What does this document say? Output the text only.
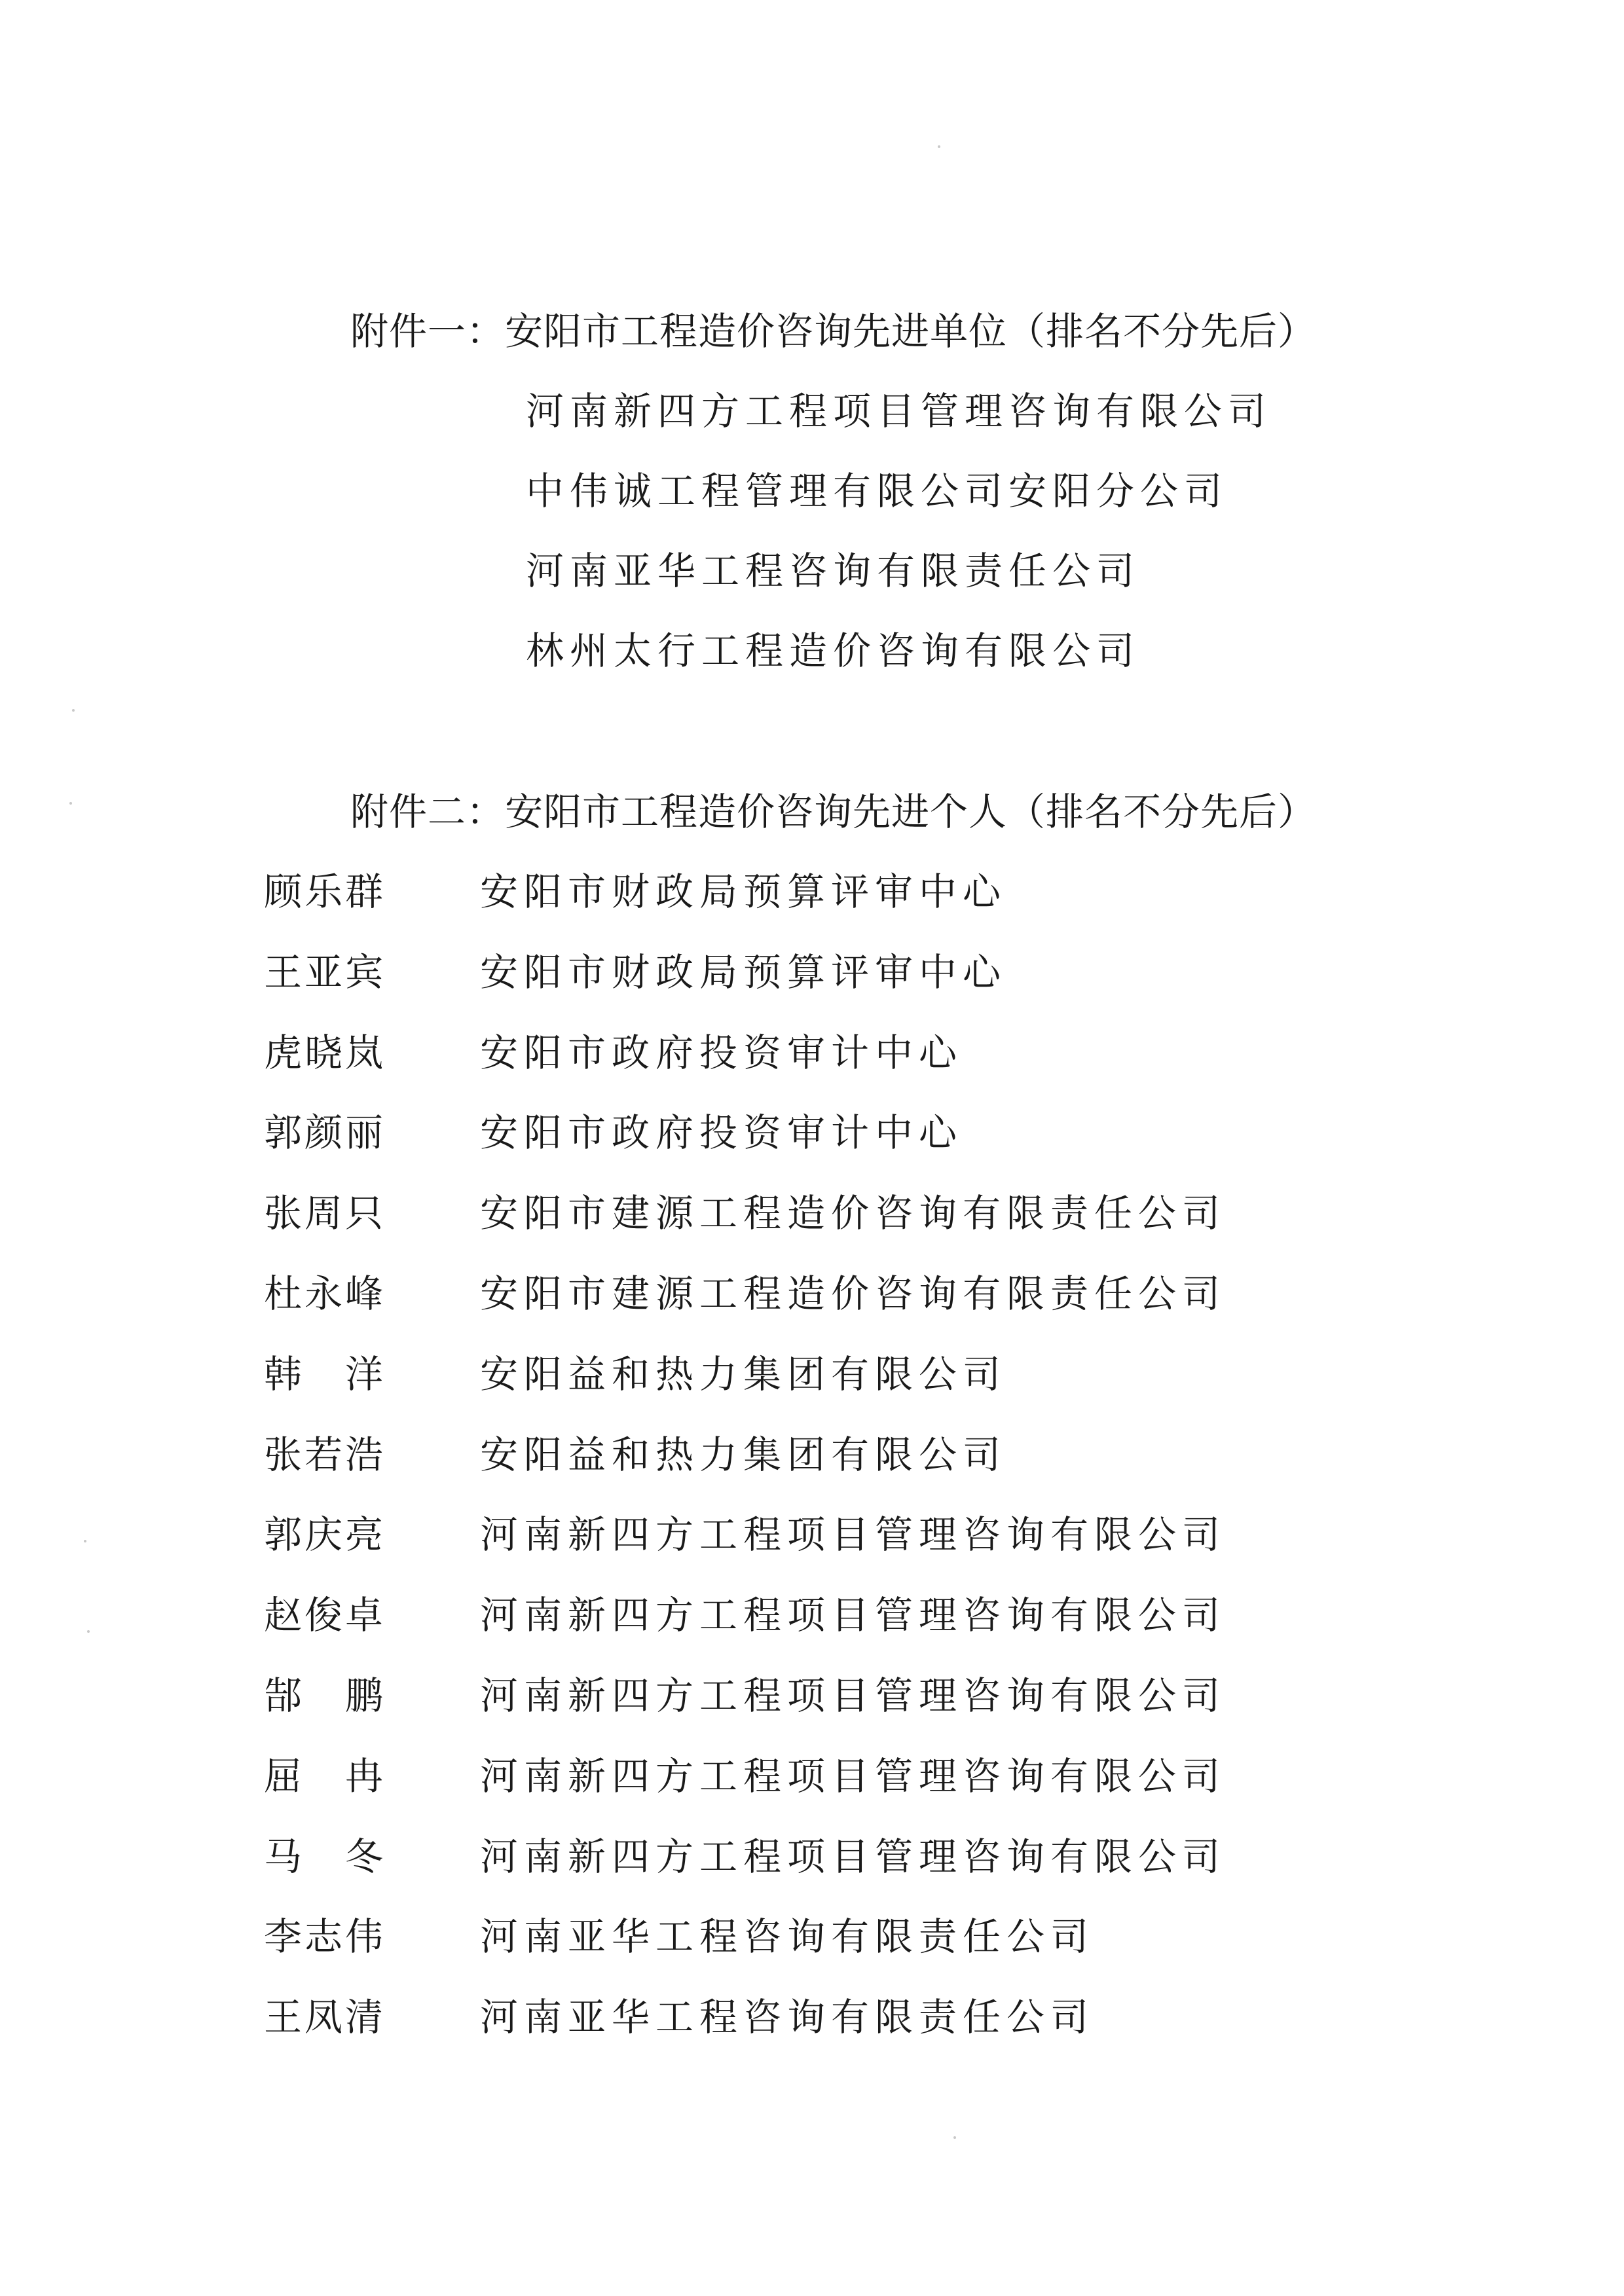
附件一：安阳市工程造价咨询先进单位（排名不分先后）
河南新四方工程项目管理咨询有限公司
中伟诚工程管理有限公司安阳分公司
河南亚华工程咨询有限责任公司
林州太行工程造价咨询有限公司
附件二：安阳市工程造价咨询先进个人（排名不分先后）
顾乐群 安阳市财政局预算评审中心
王亚宾 安阳市财政局预算评审中心
虎晓岚 安阳市政府投资审计中心
郭颜丽 安阳市政府投资审计中心
张周只 安阳市建源工程造价咨询有限责任公司
杜永峰 安阳市建源工程造价咨询有限责任公司
韩　洋 安阳益和热力集团有限公司
张若浩 安阳益和热力集团有限公司
郭庆亮 河南新四方工程项目管理咨询有限公司
赵俊卓 河南新四方工程项目管理咨询有限公司
郜　鹏 河南新四方工程项目管理咨询有限公司
屈　冉 河南新四方工程项目管理咨询有限公司
马　冬 河南新四方工程项目管理咨询有限公司
李志伟 河南亚华工程咨询有限责任公司
王凤清 河南亚华工程咨询有限责任公司
